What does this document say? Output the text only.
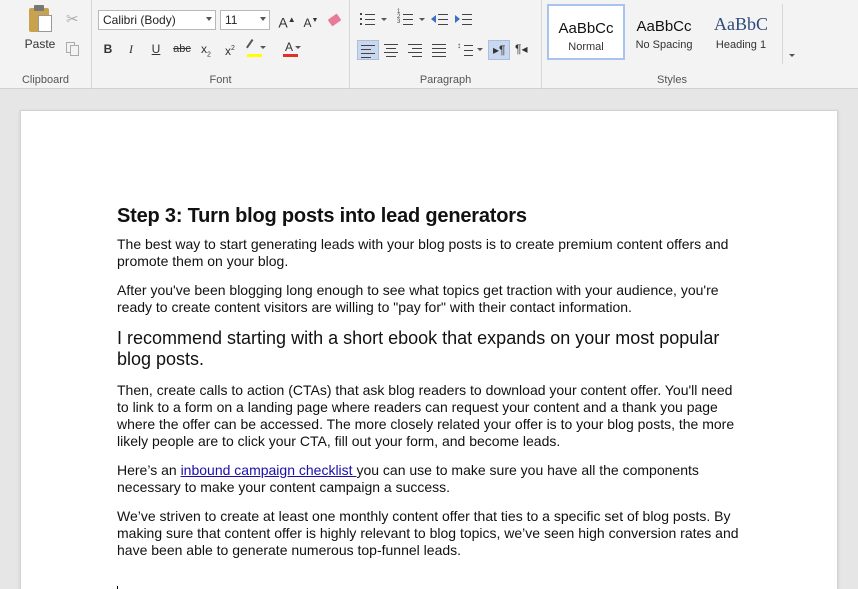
Paste
✂
Clipboard	Font
Calibri (Body)	11	A▲ A▼
B	I	U	abc $x_2$	$x^2$	A
Paragraph
1
2
3
↕	▸¶ ¶◂
Styles
AaBbCc
Normal
AaBbCc
No Spacing
AaBbC
Heading 1
Step 3: Turn blog posts into lead generators

The best way to start generating leads with your blog posts is to create premium content offers and promote them on your blog.

After you've been blogging long enough to see what topics get traction with your audience, you're ready to create content visitors are willing to "pay for" with their contact information.

I recommend starting with a short ebook that expands on your most popular blog posts.

Then, create calls to action (CTAs) that ask blog readers to download your content offer. You'll need to link to a form on a landing page where readers can request your content and a thank you page where the offer can be accessed. The more closely related your offer is to your blog posts, the more likely people are to click your CTA, fill out your form, and become leads.

Here’s an inbound campaign checklist you can use to make sure you have all the components necessary to make your content campaign a success.

We’ve striven to create at least one monthly content offer that ties to a specific set of blog posts. By making sure that content offer is highly relevant to blog topics, we’ve seen high conversion rates and have been able to generate numerous top-funnel leads.
